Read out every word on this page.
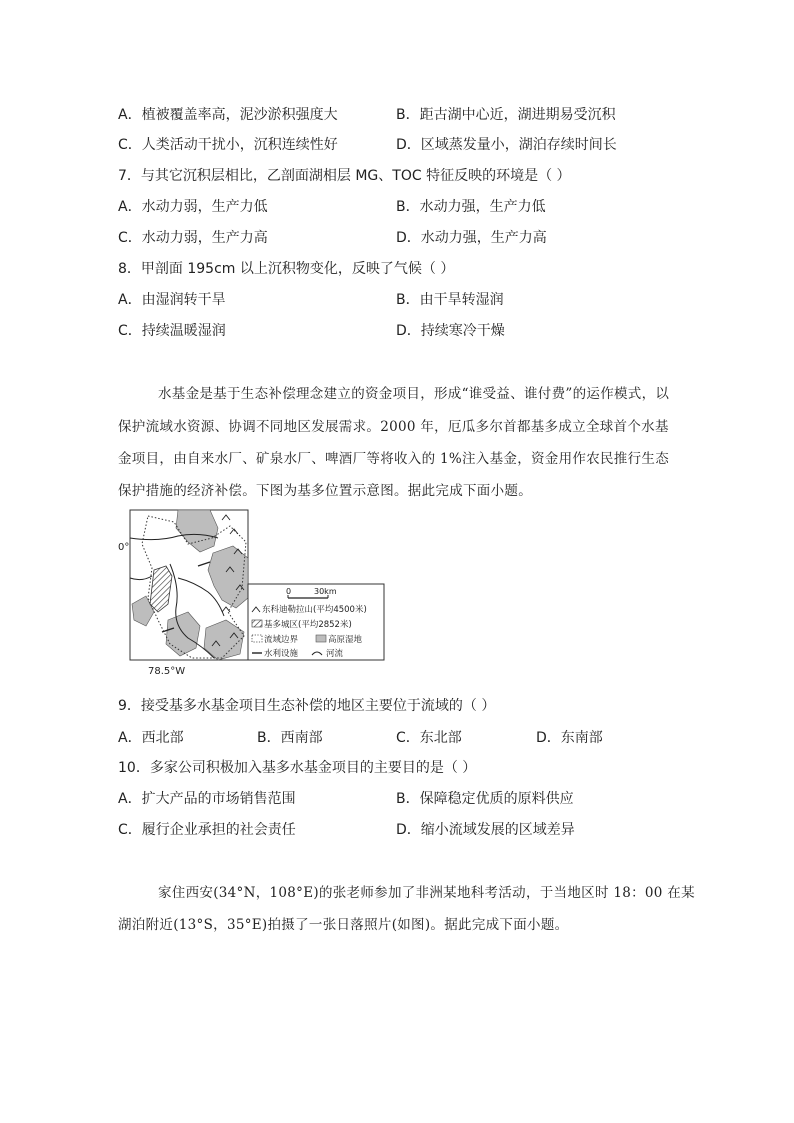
A．植被覆盖率高，泥沙淤积强度大	B．距古湖中心近，湖进期易受沉积
C．人类活动干扰小，沉积连续性好	D．区域蒸发量小，湖泊存续时间长
7．与其它沉积层相比，乙剖面湖相层 MG、TOC 特征反映的环境是（ ）
A．水动力弱，生产力低	B．水动力强，生产力低
C．水动力弱，生产力高	D．水动力强，生产力高
8．甲剖面 195cm 以上沉积物变化，反映了气候（ ）
A．由湿润转干旱	B．由干旱转湿润
C．持续温暖湿润	D．持续寒冷干燥
水基金是基于生态补偿理念建立的资金项目，形成“谁受益、谁付费”的运作模式，以
保护流域水资源、协调不同地区发展需求。2000 年，厄瓜多尔首都基多成立全球首个水基
金项目，由自来水厂、矿泉水厂、啤酒厂等将收入的 1%注入基金，资金用作农民推行生态
保护措施的经济补偿。下图为基多位置示意图。据此完成下面小题。
0°
78.5°W
0	30km
东科迪勒拉山(平均4500米)
基多城区(平均2852米)
流域边界	高原湿地
水利设施	河流
9．接受基多水基金项目生态补偿的地区主要位于流域的（ ）
A．西北部	B．西南部	C．东北部	D．东南部
10．多家公司积极加入基多水基金项目的主要目的是（ ）
A．扩大产品的市场销售范围	B．保障稳定优质的原料供应
C．履行企业承担的社会责任	D．缩小流域发展的区域差异
家住西安(34°N，108°E)的张老师参加了非洲某地科考活动，于当地区时 18：00 在某
湖泊附近(13°S，35°E)拍摄了一张日落照片(如图)。据此完成下面小题。
